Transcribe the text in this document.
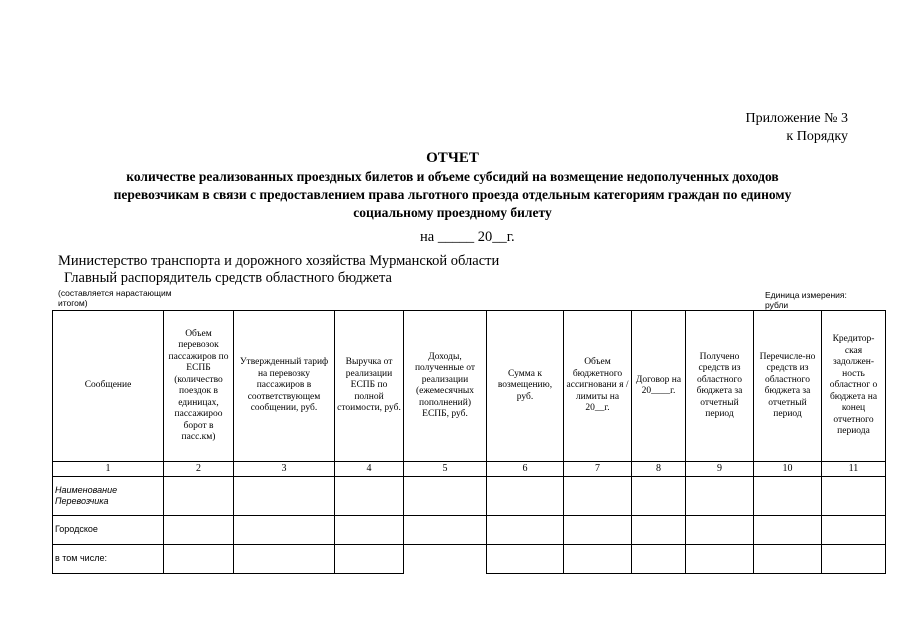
Приложение № 3
к Порядку
ОТЧЕТ
количестве реализованных проездных билетов и объеме субсидий на возмещение недополученных доходов
перевозчикам в связи с предоставлением права льготного проезда отдельным категориям граждан по единому
социальному проездному билету
на _____ 20__г.
Министерство транспорта и дорожного хозяйства Мурманской области
Главный распорядитель средств областного бюджета
(составляется нарастающим
итогом)
Единица измерения:
рубли
Сообщение	Объем перевозок пассажиров по ЕСПБ (количество поездок в единицах, пассажироо борот в пасс.км)	Утвержденный тариф на перевозку пассажиров в соответствующем сообщении, руб.	Выручка от реализации ЕСПБ по полной стоимости, руб.	Доходы, полученные от реализации (ежемесячных пополнений) ЕСПБ, руб.	Сумма к возмещению, руб.	Объем бюджетного ассигновани я / лимиты на 20__г.	Договор на 20____г.	Получено средств из областного бюджета за отчетный период	Перечисле-но средств из областного бюджета за отчетный период	Кредитор-ская задолжен-ность областног о бюджета на конец отчетного периода
1	2	3	4	5	6	7	8	9	10	11
Наименование Перевозчика										
Городское										
в том числе:										
